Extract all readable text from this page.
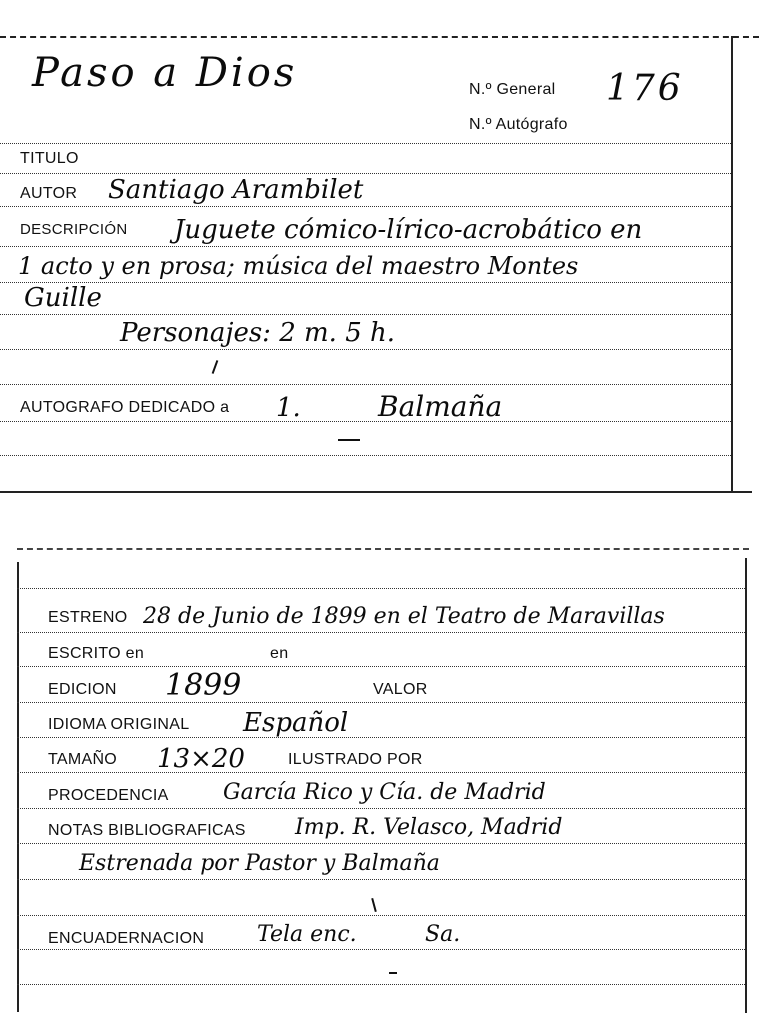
Paso a Dios	N.º General 176
N.º Autógrafo
TITULO
AUTOR Santiago Arambilet
DESCRIPCIÓN Juguete cómico-lírico-acrobático en
1 acto y en prosa; música del maestro Montes
Guille
Personajes: 2 m. 5 h.
AUTOGRAFO DEDICADO a 1.	Balmaña
ESTRENO 28 de Junio de 1899 en el Teatro de Maravillas
ESCRITO en	en
EDICION 1899	VALOR
IDIOMA ORIGINAL Español
TAMAÑO 13×20	ILUSTRADO POR
PROCEDENCIA García Rico y Cía. de Madrid
NOTAS BIBLIOGRAFICAS Imp. R. Velasco, Madrid
Estrenada por Pastor y Balmaña
ENCUADERNACION Tela enc.	Sa.
